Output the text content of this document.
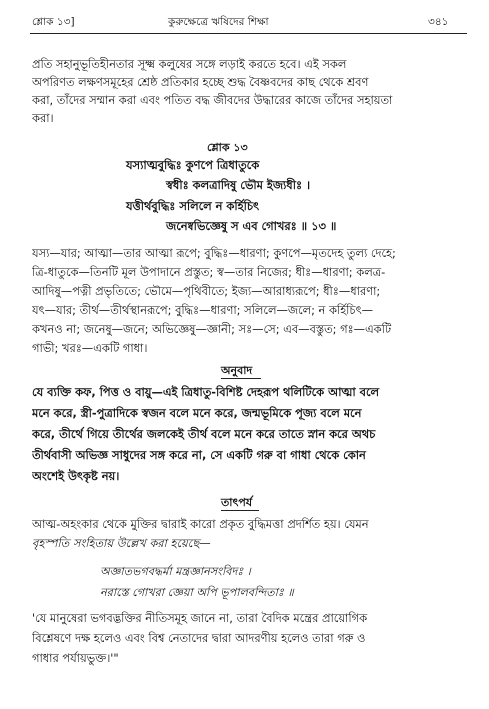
শ্লোক ১৩]	কুরুক্ষেত্রে ঋষিদের শিক্ষা	৩৪১

প্রতি সহানুভূতিহীনতার সূক্ষ্ম কলুষের সঙ্গে লড়াই করতে হবে। এই সকল

অপরিণত লক্ষণসমূহের শ্রেষ্ঠ প্রতিকার হচ্ছে শুদ্ধ বৈষ্ণবদের কাছ থেকে শ্রবণ

করা, তাঁদের সম্মান করা এবং পতিত বদ্ধ জীবদের উদ্ধারের কাজে তাঁদের সহায়তা

করা।

শ্লোক ১৩
যস্যাত্মবুদ্ধিঃ কুণপে ত্রিধাতুকে
স্বধীঃ কলত্রাদিষু ভৌম ইজ্যধীঃ ।
যত্তীর্থবুদ্ধিঃ সলিলে ন কর্হিচিৎ
জনেষ্বভিজ্ঞেষু স এব গোখরঃ ॥ ১৩ ॥

যস্য—যার; আত্মা—তার আত্মা রূপে; বুদ্ধিঃ—ধারণা; কুণপে—মৃতদেহ তুল্য দেহে;

ত্রি-ধাতুকে—তিনটি মূল উপাদানে প্রস্তুত; স্ব—তার নিজের; ধীঃ—ধারণা; কলত্র-

আদিষু—পত্নী প্রভৃতিতে; ভৌমে—পৃথিবীতে; ইজ্য—আরাধ্যরূপে; ধীঃ—ধারণা;

যৎ—যার; তীর্থ—তীর্থস্থানরূপে; বুদ্ধিঃ—ধারণা; সলিলে—জলে; ন কর্হিচিৎ—

কখনও না; জনেষু—জনে; অভিজ্ঞেষু—জ্ঞানী; সঃ—সে; এব—বস্তুত; গঃ—একটি

গাভী; খরঃ—একটি গাধা।

অনুবাদ

যে ব্যক্তি কফ, পিত্ত ও বায়ু—এই ত্রিধাতু-বিশিষ্ট দেহরূপ থলিটিকে আত্মা বলে

মনে করে, স্ত্রী-পুত্রাদিকে স্বজন বলে মনে করে, জন্মভূমিকে পূজ্য বলে মনে

করে, তীর্থে গিয়ে তীর্থের জলকেই তীর্থ বলে মনে করে তাতে স্নান করে অথচ

তীর্থবাসী অভিজ্ঞ সাধুদের সঙ্গ করে না, সে একটি গরু বা গাধা থেকে কোন

অংশেই উৎকৃষ্ট নয়।

তাৎপর্য

আত্ম-অহংকার থেকে মুক্তির দ্বারাই কারো প্রকৃত বুদ্ধিমত্তা প্রদর্শিত হয়। যেমন

বৃহস্পতি সংহিতায় উল্লেখ করা হয়েছে—

অজ্ঞাতভগবদ্ধর্মা মন্ত্রজ্ঞানসংবিদঃ ।
নরাস্তে গোখরা জ্ঞেয়া অপি ভূপালবন্দিতাঃ ॥

'যে মানুষেরা ভগবদ্ভক্তির নীতিসমূহ জানে না, তারা বৈদিক মন্ত্রের প্রায়োগিক

বিশ্লেষণে দক্ষ হলেও এবং বিশ্ব নেতাদের দ্বারা আদরণীয় হলেও তারা গরু ও

গাধার পর্যায়ভুক্ত।'"
